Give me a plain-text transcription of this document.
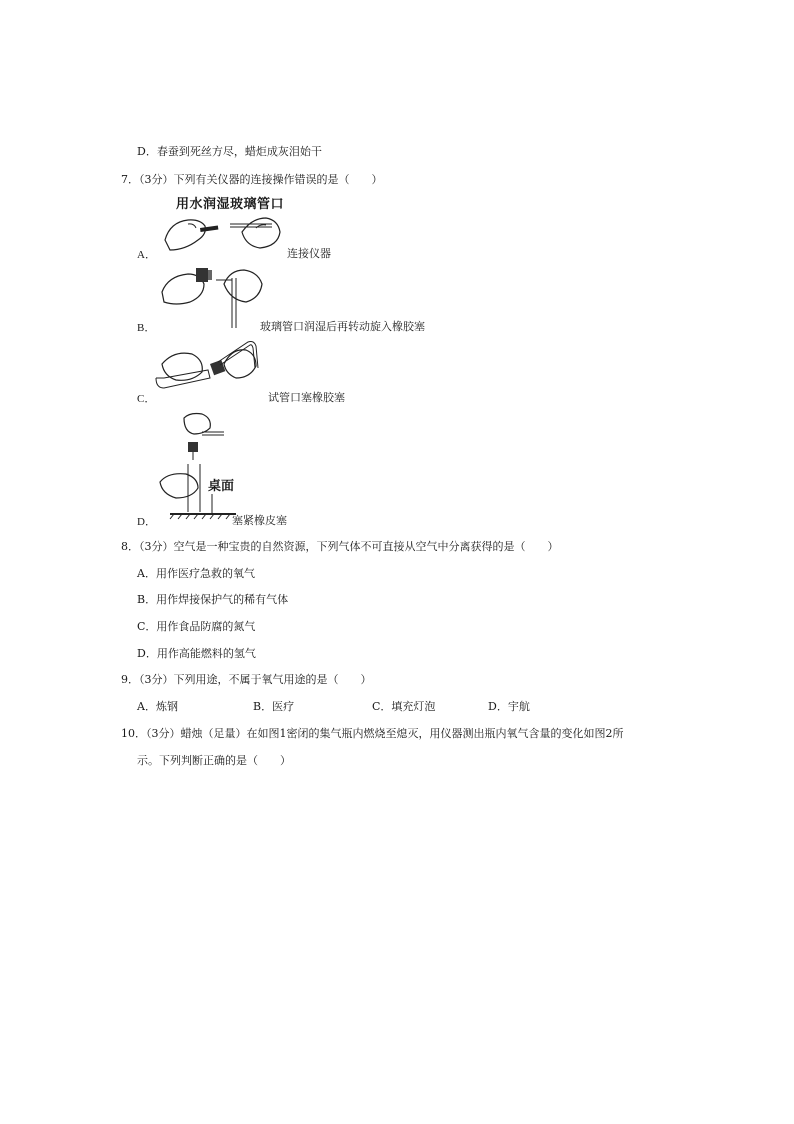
D．春蚕到死丝方尽，蜡炬成灰泪始干
7．（3分）下列有关仪器的连接操作错误的是（　　）
用水润湿玻璃管口
A．	连接仪器
B．	玻璃管口润湿后再转动旋入橡胶塞
C．	试管口塞橡胶塞
桌面
D．	塞紧橡皮塞
8．（3分）空气是一种宝贵的自然资源，下列气体不可直接从空气中分离获得的是（　　）
A．用作医疗急救的氧气
B．用作焊接保护气的稀有气体
C．用作食品防腐的氮气
D．用作高能燃料的氢气
9．（3分）下列用途，不属于氧气用途的是（　　）
A．炼钢	B．医疗	C．填充灯泡	D．宇航
10．（3分）蜡烛（足量）在如图1密闭的集气瓶内燃烧至熄灭，用仪器测出瓶内氧气含量的变化如图2所
示。下列判断正确的是（　　）
